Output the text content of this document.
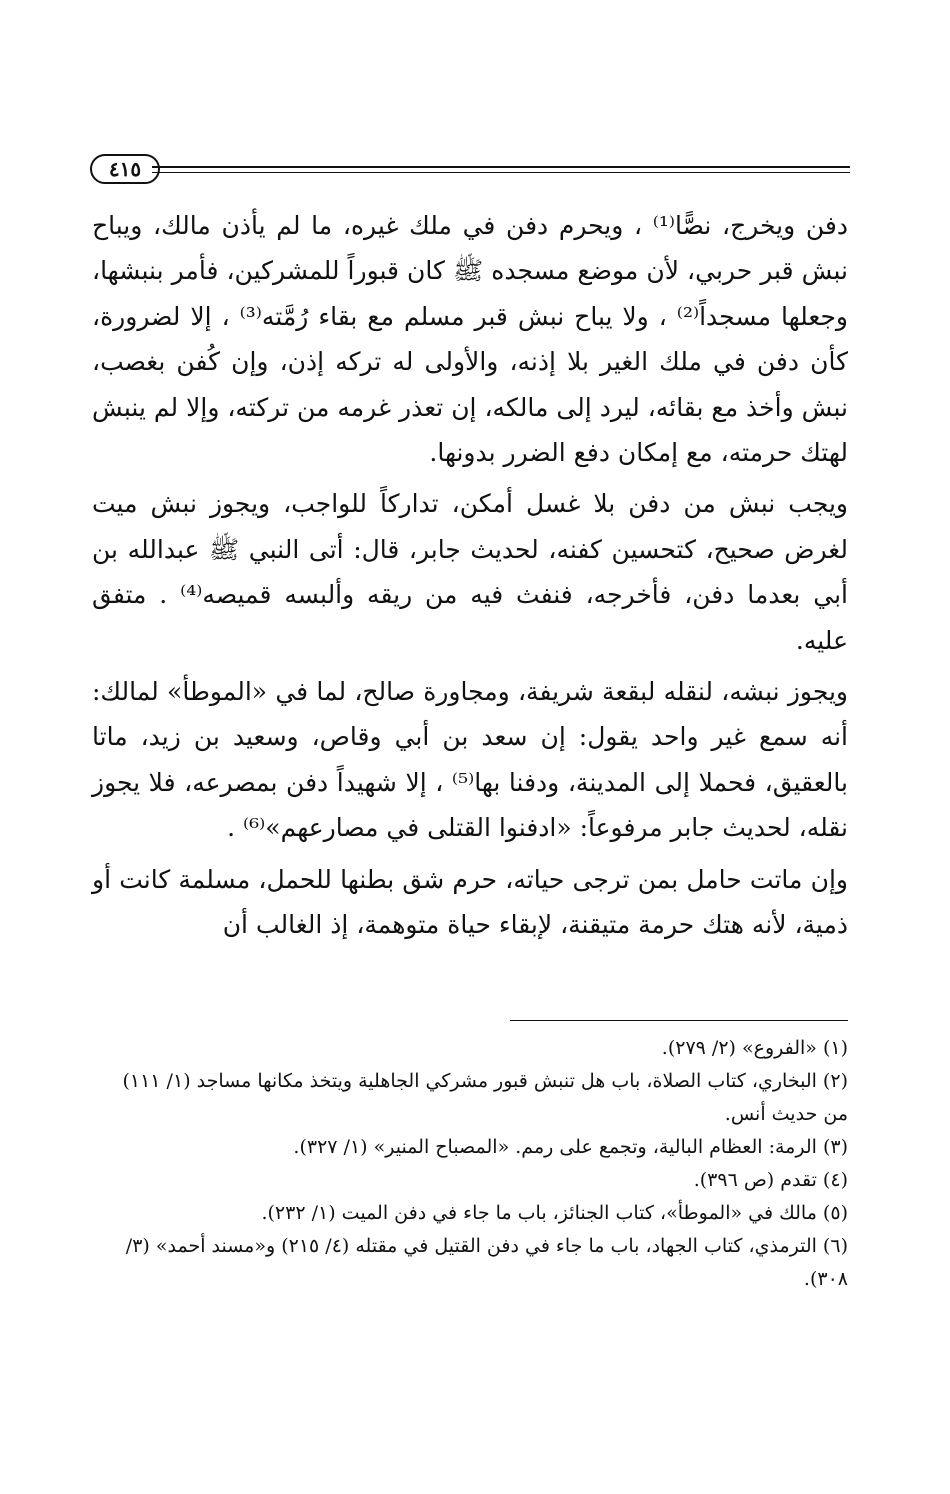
٤١٥

دفن ويخرج، نصًّا⁽¹⁾ ، ويحرم دفن في ملك غيره، ما لم يأذن مالك، ويباح نبش قبر حربي، لأن موضع مسجده ﷺ كان قبوراً للمشركين، فأمر بنبشها، وجعلها مسجداً⁽²⁾ ، ولا يباح نبش قبر مسلم مع بقاء رُمَّته⁽³⁾ ، إلا لضرورة، كأن دفن في ملك الغير بلا إذنه، والأولى له تركه إذن، وإن كُفن بغصب، نبش وأخذ مع بقائه، ليرد إلى مالكه، إن تعذر غرمه من تركته، وإلا لم ينبش لهتك حرمته، مع إمكان دفع الضرر بدونها.

ويجب نبش من دفن بلا غسل أمكن، تداركاً للواجب، ويجوز نبش ميت لغرض صحيح، كتحسين كفنه، لحديث جابر، قال: أتى النبي ﷺ عبدالله بن أبي بعدما دفن، فأخرجه، فنفث فيه من ريقه وألبسه قميصه⁽⁴⁾ . متفق عليه.

ويجوز نبشه، لنقله لبقعة شريفة، ومجاورة صالح، لما في «الموطأ» لمالك: أنه سمع غير واحد يقول: إن سعد بن أبي وقاص، وسعيد بن زيد، ماتا بالعقيق، فحملا إلى المدينة، ودفنا بها⁽⁵⁾ ، إلا شهيداً دفن بمصرعه، فلا يجوز نقله، لحديث جابر مرفوعاً: «ادفنوا القتلى في مصارعهم»⁽⁶⁾ .

وإن ماتت حامل بمن ترجى حياته، حرم شق بطنها للحمل، مسلمة كانت أو ذمية، لأنه هتك حرمة متيقنة، لإبقاء حياة متوهمة، إذ الغالب أن

(١) «الفروع» (٢/ ٢٧٩).

(٢) البخاري، كتاب الصلاة، باب هل تنبش قبور مشركي الجاهلية ويتخذ مكانها مساجد (١/ ١١١) من حديث أنس.

(٣) الرمة: العظام البالية، وتجمع على رمم. «المصباح المنير» (١/ ٣٢٧).

(٤) تقدم (ص ٣٩٦).

(٥) مالك في «الموطأ»، كتاب الجنائز، باب ما جاء في دفن الميت (١/ ٢٣٢).

(٦) الترمذي، كتاب الجهاد، باب ما جاء في دفن القتيل في مقتله (٤/ ٢١٥) و«مسند أحمد» (٣/ ٣٠٨).
